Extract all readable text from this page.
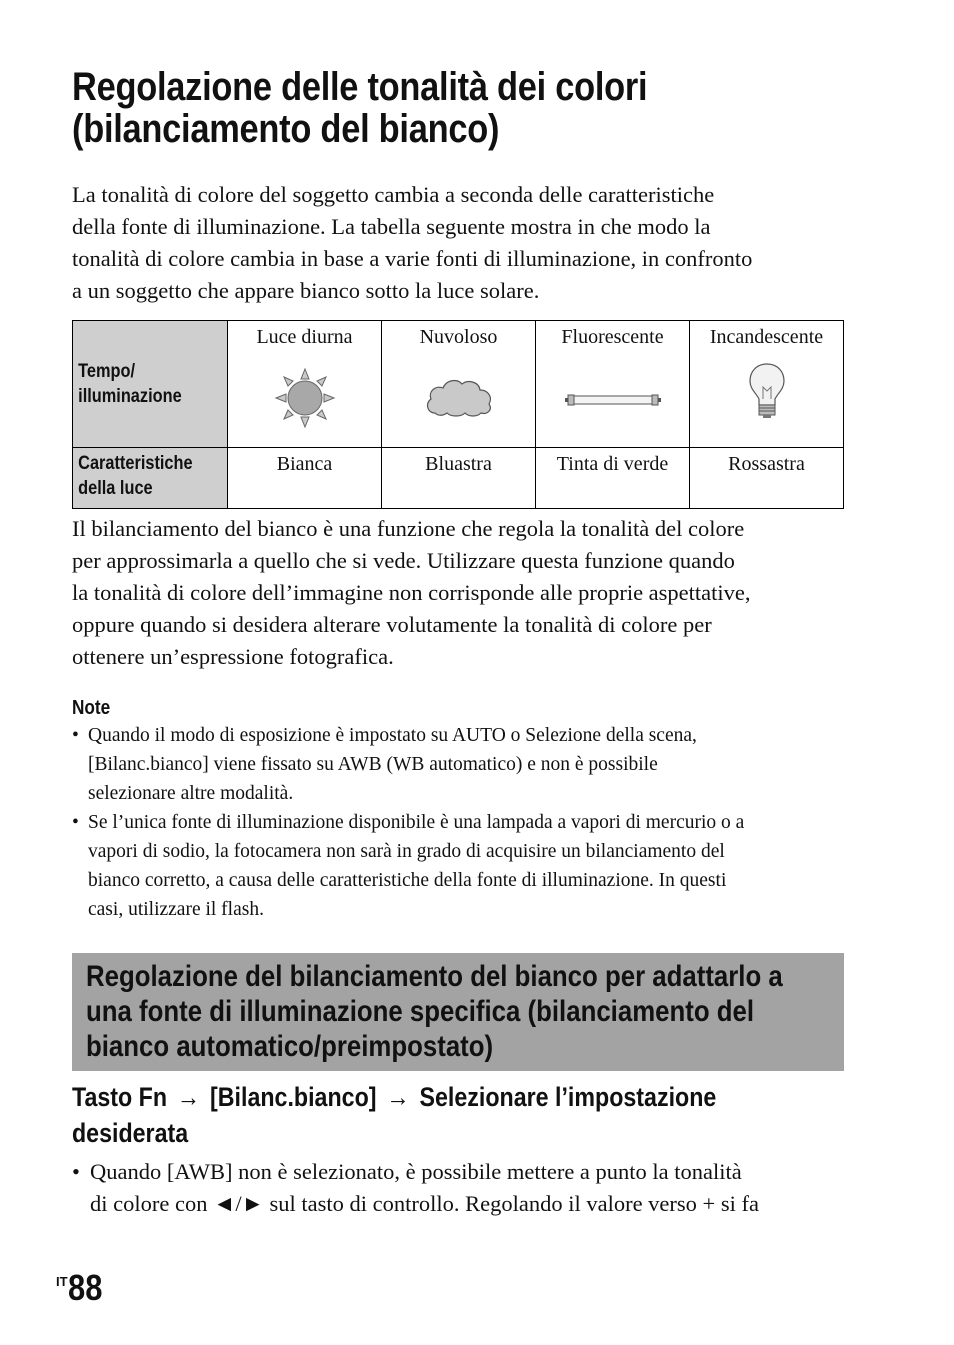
Regolazione delle tonalità dei colori
(bilanciamento del bianco)
La tonalità di colore del soggetto cambia a seconda delle caratteristiche
della fonte di illuminazione. La tabella seguente mostra in che modo la
tonalità di colore cambia in base a varie fonti di illuminazione, in confronto
a un soggetto che appare bianco sotto la luce solare.
Tempo/
illuminazione	Luce diurna	Nuvoloso	Fluorescente	Incandescente

Caratteristiche
della luce	Bianca	Bluastra	Tinta di verde	Rossastra
Il bilanciamento del bianco è una funzione che regola la tonalità del colore
per approssimarla a quello che si vede. Utilizzare questa funzione quando
la tonalità di colore dell’immagine non corrisponde alle proprie aspettative,
oppure quando si desidera alterare volutamente la tonalità di colore per
ottenere un’espressione fotografica.
Note
• Quando il modo di esposizione è impostato su AUTO o Selezione della scena,
[Bilanc.bianco] viene fissato su AWB (WB automatico) e non è possibile
selezionare altre modalità.
• Se l’unica fonte di illuminazione disponibile è una lampada a vapori di mercurio o a
vapori di sodio, la fotocamera non sarà in grado di acquisire un bilanciamento del
bianco corretto, a causa delle caratteristiche della fonte di illuminazione. In questi
casi, utilizzare il flash.
Regolazione del bilanciamento del bianco per adattarlo a
una fonte di illuminazione specifica (bilanciamento del
bianco automatico/preimpostato)
Tasto Fn → [Bilanc.bianco] → Selezionare l’impostazione
desiderata
• Quando [AWB] non è selezionato, è possibile mettere a punto la tonalità
di colore con ◄/► sul tasto di controllo. Regolando il valore verso + si fa
$^{IT}$88
